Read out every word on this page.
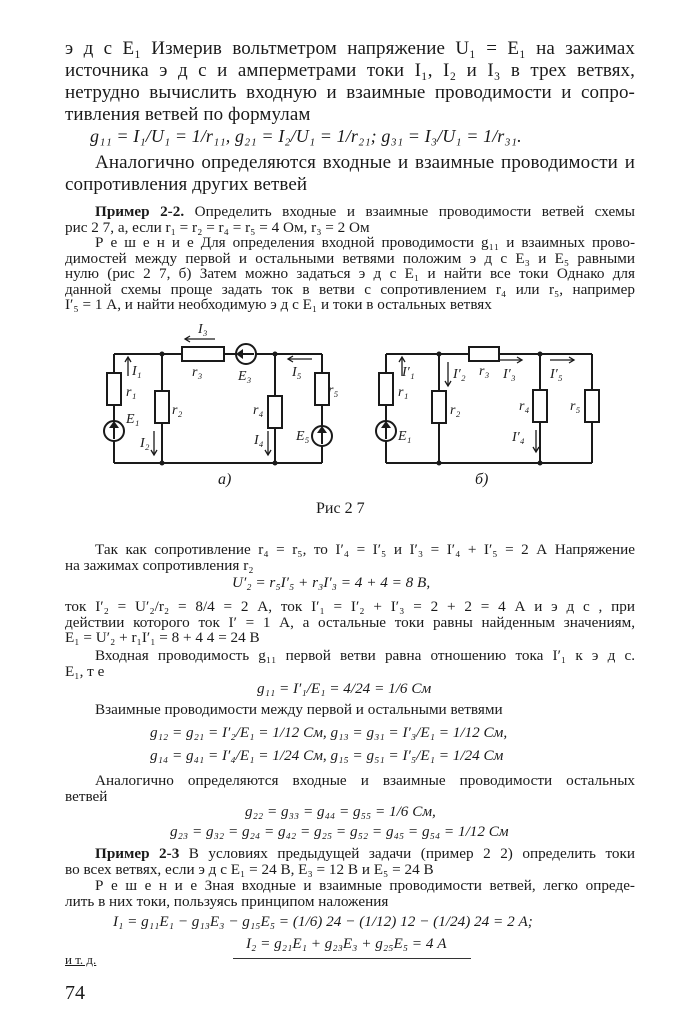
э д с E₁ Измерив вольтметром напряжение U₁ = E₁ на зажимах
источника э д с и амперметрами токи I₁, I₂ и I₃ в трех ветвях,
нетрудно вычислить входную и взаимные проводимости и сопро-
тивления ветвей по формулам
g₁₁ = I₁/U₁ = 1/r₁₁, g₂₁ = I₂/U₁ = 1/r₂₁; g₃₁ = I₃/U₁ = 1/r₃₁.
Аналогично определяются входные и взаимные проводимости и
сопротивления других ветвей
Пример 2-2. Определить входные и взаимные проводимости ветвей схемы
рис 2 7, а, если r₁ = r₂ = r₄ = r₅ = 4 Ом, r₃ = 2 Ом
Р е ш е н и е Для определения входной проводимости g₁₁ и взаимных прово-
димостей между первой и остальными ветвями положим э д с E₃ и E₅ равными
нулю (рис 2 7, б) Затем можно задаться э д с E₁ и найти все токи Однако для
данной схемы проще задать ток в ветви с сопротивлением r₄ или r₅, например
I′₅ = 1 А, и найти необходимую э д с E₁ и токи в остальных ветвях
I₃
I₁
r₁
E₁
r₂
I₂
r₃	E₃	I₅
r₄
I₄
r₅
E₅
а)
I′₁
r₁
E₁
I′₂
r₂
r₃ I′₃ I′₅
r₄
I′₄
r₅
б)
Рис 2 7
Так как сопротивление r₄ = r₅, то I′₄ = I′₅ и I′₃ = I′₄ + I′₅ = 2 А Напряжение
на зажимах сопротивления r₂
U′₂ = r₅I′₅ + r₃I′₃ = 4 + 4 = 8 В,
ток I′₂ = U′₂/r₂ = 8/4 = 2 А, ток I′₁ = I′₂ + I′₃ = 2 + 2 = 4 А и э д с , при
действии которого ток I′ = 1 А, а остальные токи равны найденным значениям,
E₁ = U′₂ + r₁I′₁ = 8 + 4 4 = 24 В
Входная проводимость g₁₁ первой ветви равна отношению тока I′₁ к э д с.
E₁, т е
g₁₁ = I′₁/E₁ = 4/24 = 1/6 См
Взаимные проводимости между первой и остальными ветвями
g₁₂ = g₂₁ = I′₂/E₁ = 1/12 См, g₁₃ = g₃₁ = I′₃/E₁ = 1/12 См,
g₁₄ = g₄₁ = I′₄/E₁ = 1/24 См, g₁₅ = g₅₁ = I′₅/E₁ = 1/24 См
Аналогично определяются входные и взаимные проводимости остальных
ветвей
g₂₂ = g₃₃ = g₄₄ = g₅₅ = 1/6 См,
g₂₃ = g₃₂ = g₂₄ = g₄₂ = g₂₅ = g₅₂ = g₄₅ = g₅₄ = 1/12 См
Пример 2-3 В условиях предыдущей задачи (пример 2 2) определить токи
во всех ветвях, если э д с E₁ = 24 В, E₃ = 12 В и E₅ = 24 В
Р е ш е н и е Зная входные и взаимные проводимости ветвей, легко опреде-
лить в них токи, пользуясь принципом наложения
I₁ = g₁₁E₁ − g₁₃E₃ − g₁₅E₅ = (1/6) 24 − (1/12) 12 − (1/24) 24 = 2 А;
I₂ = g₂₁E₁ + g₂₃E₃ + g₂₅E₅ = 4 А
и т. д.
74
